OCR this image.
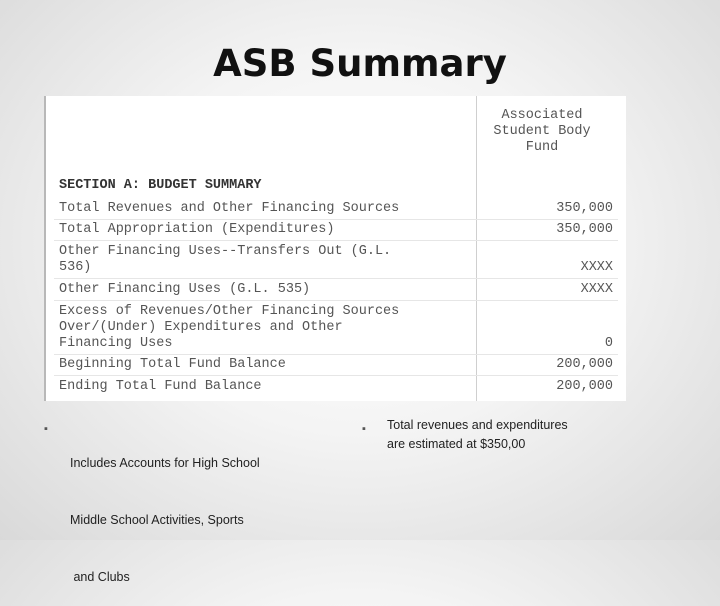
ASB Summary
Associated
Student Body
Fund
SECTION A: BUDGET SUMMARY
Total Revenues and Other Financing Sources	350,000
Total Appropriation (Expenditures)	350,000
Other Financing Uses--Transfers Out (G.L.
536)	XXXX
Other Financing Uses (G.L. 535)	XXXX
Excess of Revenues/Other Financing Sources
Over/(Under) Expenditures and Other
Financing Uses	0
Beginning Total Fund Balance	200,000
Ending Total Fund Balance	200,000
▪

Includes Accounts for High School

Middle School Activities, Sports

and Clubs

▪ Total revenues and expenditures
are estimated at $350,00
